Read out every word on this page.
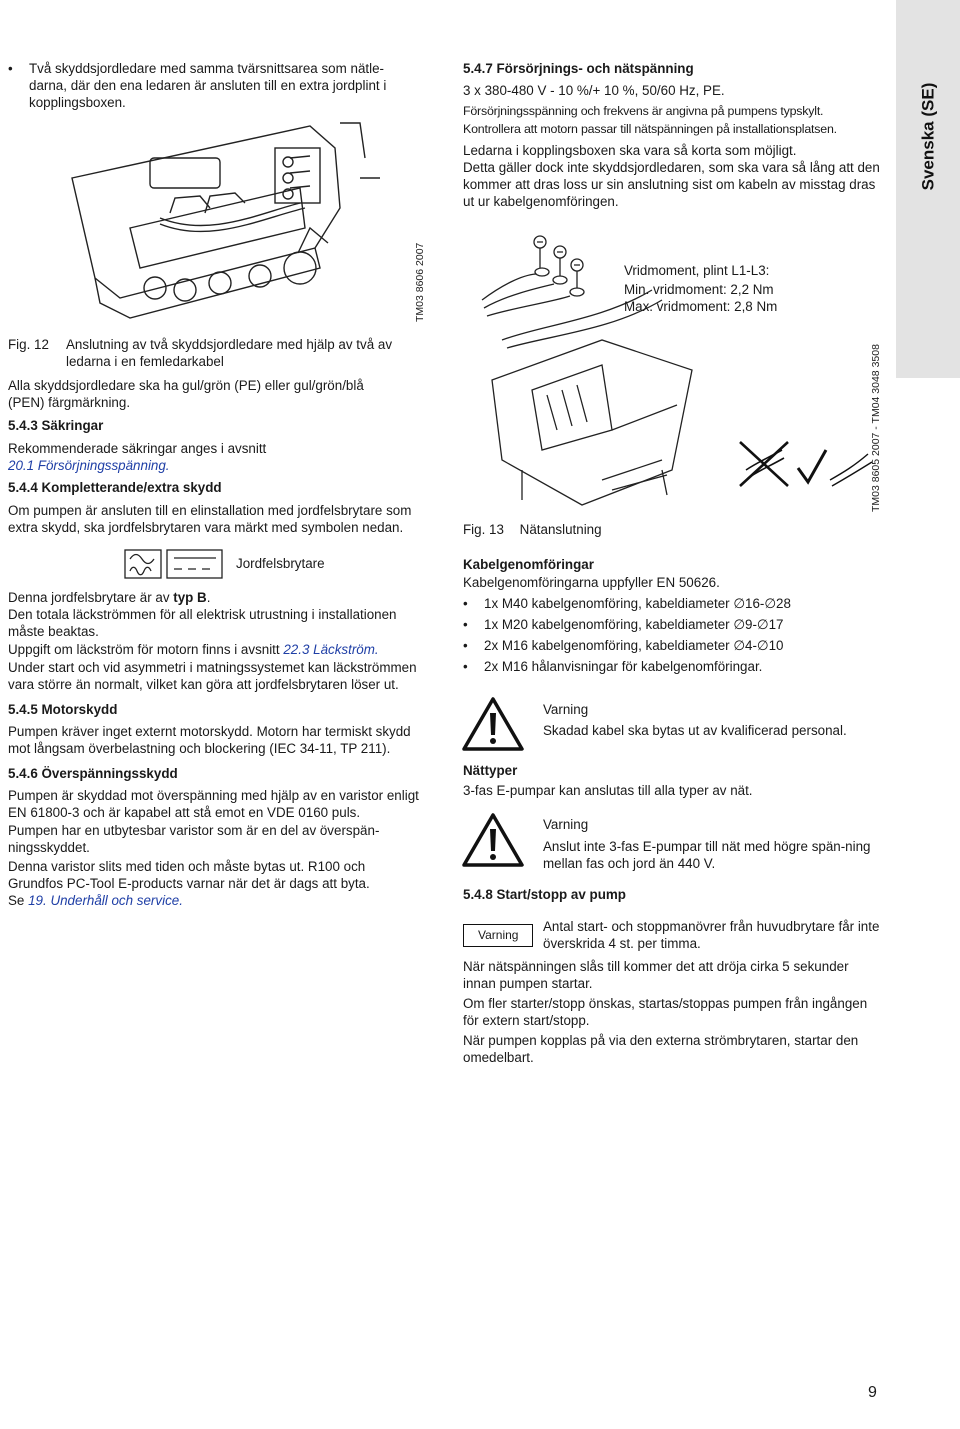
Svenska (SE)
• Två skyddsjordledare med samma tvärsnittsarea som nätle-darna, där den ena ledaren är ansluten till en extra jordplint i kopplingsboxen.
TM03 8606 2007
Fig. 12 Anslutning av två skyddsjordledare med hjälp av två av ledarna i en femledarkabel

Alla skyddsjordledare ska ha gul/grön (PE) eller gul/grön/blå (PEN) färgmärkning.

5.4.3 Säkringar

Rekommenderade säkringar anges i avsnitt

20.1 Försörjningsspänning.

5.4.4 Kompletterande/extra skydd

Om pumpen är ansluten till en elinstallation med jordfelsbrytare som extra skydd, ska jordfelsbrytaren vara märkt med symbolen nedan.

Jordfelsbrytare

Denna jordfelsbrytare är av typ B.

Den totala läckströmmen för all elektrisk utrustning i installationen måste beaktas.

Uppgift om läckström för motorn finns i avsnitt 22.3 Läckström.

Under start och vid asymmetri i matningssystemet kan läckströmmen vara större än normalt, vilket kan göra att jordfelsbrytaren löser ut.

5.4.5 Motorskydd

Pumpen kräver inget externt motorskydd. Motorn har termiskt skydd mot långsam överbelastning och blockering (IEC 34-11, TP 211).

5.4.6 Överspänningsskydd

Pumpen är skyddad mot överspänning med hjälp av en varistor enligt EN 61800-3 och är kapabel att stå emot en VDE 0160 puls.

Pumpen har en utbytesbar varistor som är en del av överspän-ningsskyddet.

Denna varistor slits med tiden och måste bytas ut. R100 och Grundfos PC-Tool E-products varnar när det är dags att byta.

Se 19. Underhåll och service.

5.4.7 Försörjnings- och nätspänning

3 x 380-480 V - 10 %/+ 10 %, 50/60 Hz, PE.

Försörjningsspänning och frekvens är angivna på pumpens typskylt.

Kontrollera att motorn passar till nätspänningen på installationsplatsen.

Ledarna i kopplingsboxen ska vara så korta som möjligt.

Detta gäller dock inte skyddsjordledaren, som ska vara så lång att den kommer att dras loss ur sin anslutning sist om kabeln av misstag dras ut ur kabelgenomföringen.

Vridmoment, plint L1-L3:

Min. vridmoment: 2,2 Nm

Max. vridmoment: 2,8 Nm

TM03 8605 2007 - TM04 3048 3508
Fig. 13 Nätanslutning

Kabelgenomföringar

Kabelgenomföringarna uppfyller EN 50626.

• 1x M40 kabelgenomföring, kabeldiameter ∅16-∅28
• 1x M20 kabelgenomföring, kabeldiameter ∅9-∅17
• 2x M16 kabelgenomföring, kabeldiameter ∅4-∅10
• 2x M16 hålanvisningar för kabelgenomföringar.

Varning

Skadad kabel ska bytas ut av kvalificerad personal.

Nättyper

3-fas E-pumpar kan anslutas till alla typer av nät.

Varning

Anslut inte 3-fas E-pumpar till nät med högre spän-ning mellan fas och jord än 440 V.

5.4.8 Start/stopp av pump

Varning

Antal start- och stoppmanövrer från huvudbrytare får inte överskrida 4 st. per timma.

När nätspänningen slås till kommer det att dröja cirka 5 sekunder innan pumpen startar.

Om fler starter/stopp önskas, startas/stoppas pumpen från ingången för extern start/stopp.

När pumpen kopplas på via den externa strömbrytaren, startar den omedelbart.

9
